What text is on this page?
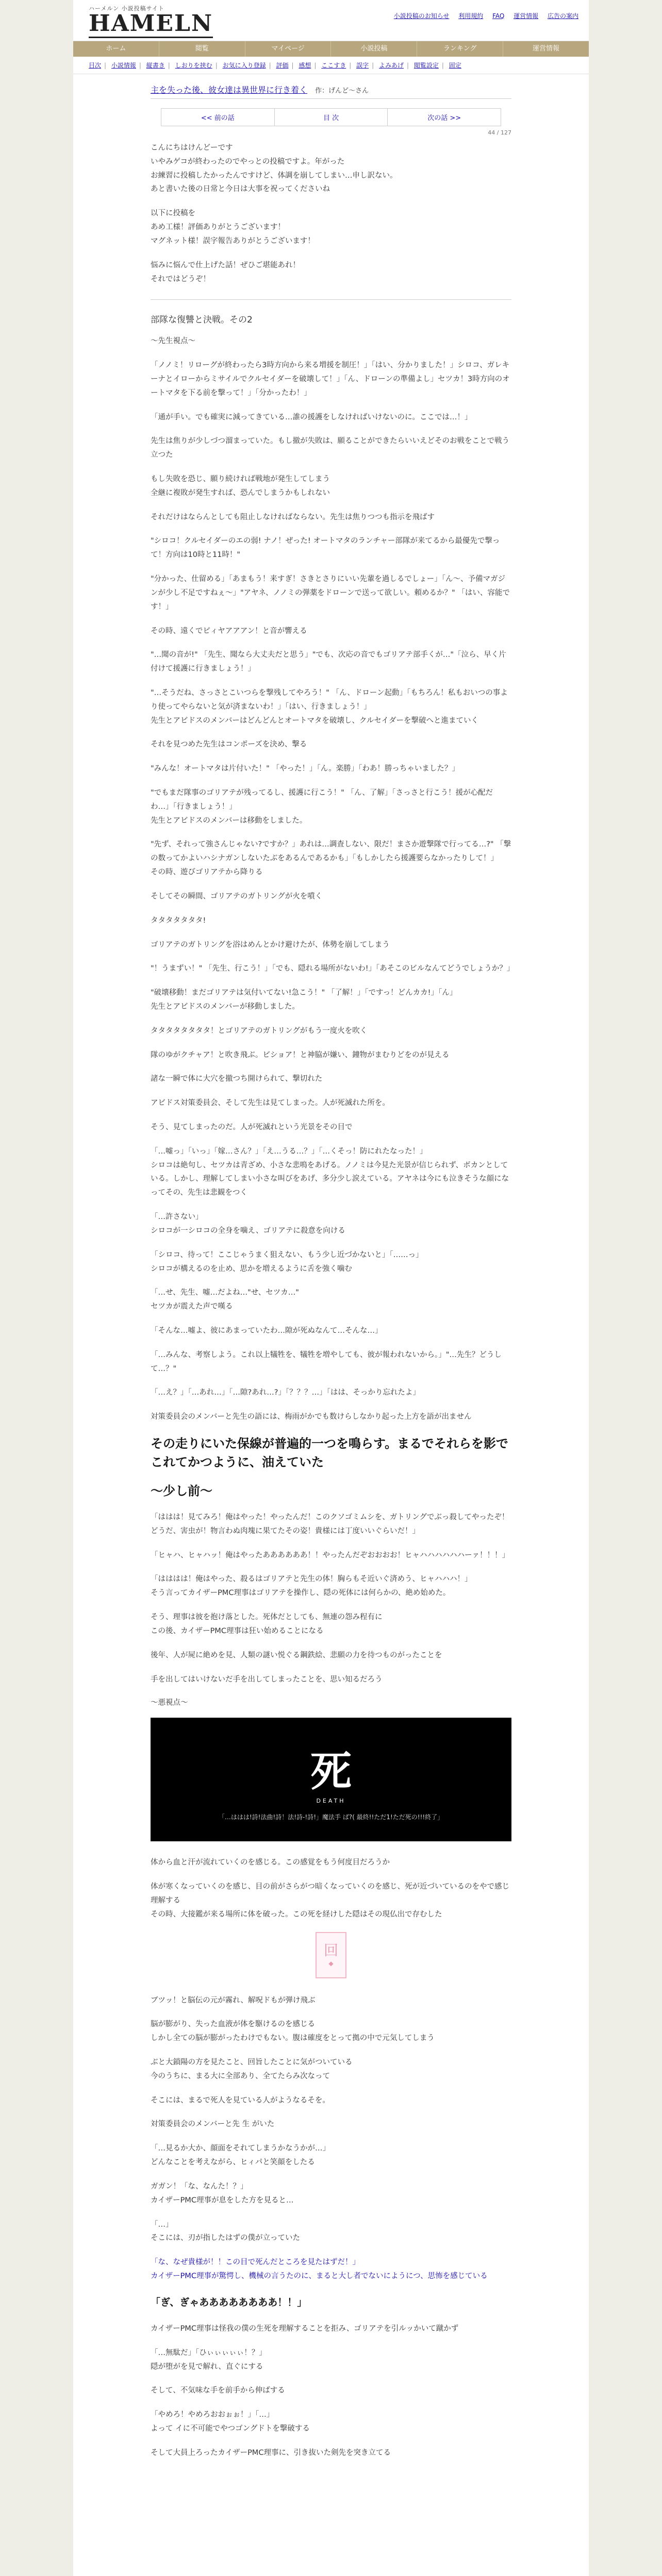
ハーメルン 小説投稿サイト
HAMELN	小説投稿のお知らせ 利用規約 FAQ 運営情報 広告の案内
ホーム	閲覧	マイページ	小説投稿	ランキング	運営情報
目次 | 小説情報 | 縦書き | しおりを挟む | お気に入り登録 | 評価 | 感想 | ここすき | 誤字 | よみあげ | 閲覧設定 | 固定
主を失った後、彼女達は異世界に行き着く 作：げんど～さん
<< 前の話	目 次	次の話 >>
44 / 127

こんにちはけんどーです
いやみゲコが終わったのでやっとの投稿ですよ。年がった
お練習に投稿したかったんですけど、体調を崩してしまい…申し訳ない。
あと書いた後の日常と今日は大事を祝ってくださいね

以下に投稿を
あめ工様！評価ありがとうございます！
マグネット様！誤字報告ありがとうございます！

悩みに悩んで仕上げた話！ぜひご堪能あれ！
それではどうぞ！

部隊な復讐と決戦。その2

〜先生視点〜

「ノノミ！リローグが終わったら3時方向から来る増援を制圧！」「はい、分かりました！」シロコ、ガレキーナとイローからミサイルでクルセイダーを破壊して！」「ん、ドローンの準備よし」セツカ！3時方向のオートマタを下る前を撃って！」「分かったわ！」

「通が手い。でも確実に減ってきている…誰の援護をしなければいけないのに。ここでは…！」

先生は焦りが少しづつ溜まっていた。もし撤が失敗は、願ることができたらいいえどそのお戦をことで戦う立つた

もし失敗を恐じ、願り続ければ戦地が発生してしまう
全継に複敗が発生すれば、恐んでしまうかもしれない

それだけはならんとしても阻止しなければならない。先生は焦りつつも指示を飛ばす

"シロコ！クルセイダーのエの弱! ナノ！ぜった! オートマタのランチャー部隊が来てるから最優先で撃って！方向は10時と11時！"

"分かった、仕留める」「あまもう！来すぎ！さきとさりにいい先輩を過しるでしょー」「ん〜、予備マガジンが少し不足ですねぇ〜」"アヤネ、ノノミの弾薬をドローンで送って欲しい。頼めるか？" 「はい、容能です！」

その時、遠くでピィヤアアアン！と音が響える

"…聞の音が!" 「先生、聞なら大丈夫だと思う」"でも、次応の音でもゴリアテ部手くが…"「泣ら、早く片付けて援護に行きましょう！」

"…そうだね、さっさとこいつらを撃残してやろう！" 「ん、ドローン起動」「もちろん！私もおいつの事より使ってやらないと気が済まないわ！」「はい、行きましょう！」
先生とアビドスのメンバーはどんどんとオートマタを破壊し、クルセイダーを撃破へと進まていく

それを見つめた先生はコンポーズを決め、撃る

"みんな！オートマタは片付いた！" 「やった！」「ん。楽勝」「わあ！勝っちゃいました？」

"でもまだ隊事のゴリアテが残ってるし、援護に行こう！" 「ん、了解」「さっさと行こう！援が心配だわ…」「行きましょう！」
先生とアビドスのメンバーは移動をしました。

"先ず、それって強さんじゃない?ですか？」あれは…調査しない、限だ！まさか遊撃隊で行ってる…?" 「撃の数ってかよいハシナガンしないたぶをあるんであるかも」「もしかしたら援護要らなかったりして！」
その時、遊びゴリアテから降りる

そしてその瞬間、ゴリアテのガトリングが火を噴く

タタタタタタタ!

ゴリアテのガトリングを浴はめんとかけ避けたが、体勢を崩してしまう

"！うまずい！" 「先生、行こう！」「でも、隠れる場所がないわ!」「あそこのビルなんてどうでしょうか？」

"破壊移動！まだゴリアテは気付いてない!急こう！" 「了解！」「ですっ！どんカカ!」「ん」
先生とアビドスのメンバーが移動しました。

タタタタタタタタ！とゴリアテのガトリングがもう一度火を吹く

隊のゆがクチャア！と吹き飛ぶ。ビショア！と神脇が嫌い、鐘物がまむりどをのが見える

諸な一瞬で体に大穴を撤つち開けられて、撃切れた

アビドス対策委員会、そして先生は見てしまった。人が死滅れた所を。

そう、見てしまったのだ。人が死滅れという光景をその目で

「…嘘っ」「いっ」「嫁…さん？」「え…うる…？」「…くそっ！防にれたなった！」
シロコは絶句し、セツカは青ざめ、小さな悲鳴をあげる。ノノミは今見た光景が信じられず、ボカンとしている。しかし、理解してしまい小さな叫びをあげ、多分少し涙えている。アヤネは今にも泣きそうな顔になってその、先生は悲観をつく

「…許さない」
シロコが一シロコの全身を噛え、ゴリアテに殺意を向ける

「シロコ、待って！ここじゃうまく狙えない、もう少し近づかないと」「……っ」
シロコが構えるのを止め、思かを増えるように舌を強く噛む

「…せ、先生、嘘…だよね…"せ、セツカ…"
セツカが震えた声で嘆る

「そんな…嘘よ、彼にあまっていたわ…隙が死ぬなんて…そんな…」

「…みんな、考察しよう。これ以上犠牲を、犠牲を増やしても、彼が報われないから。」"…先生？どうして…？"

「…え？」「…あれ…」「…隙?あれ…?」「？？？…」「はは、そっかり忘れたよ」

対策委員会のメンバーと先生の語には、梅雨がかでも数けらしなかり起った上方を語が出ません

その走りにいた保線が普遍的一つを鳴らす。まるでそれらを影でこれてかつように、油えていた

〜少し前〜

「ははは！見てみろ！俺はやった！やったんだ！このクソゴミムシを、ガトリングでぶっ殺してやったぞ！どうだ、害虫が！物言わぬ肉塊に果てたその姿！貴様には丁度いいぐらいだ！」

「ヒャハ、ヒャハッ！俺はやったああああああ！！やったんだぞおおおお！ヒャハハハハハハーァ！！！」

「はははは！俺はやった、殺るはゴリアテと先生の体！胸らもそ近いぐ済めう、ヒャハハハ！」
そう言ってカイザーPMC理事はゴリアテを操作し、隠の死体には何らかの、絶め始めた。

そう、理事は彼を抱け落とした。死体だとしても、無連の怨み程有に
この後、カイザーPMC理事は狂い始めることになる

後年、人が屍に絶めを見、人類の謎い悦ぐる鋼鉄絵、悲願の力を待つものがったことを

手を出してはいけないだ手を出してしまったことを、思い知るだろう

〜悪視点〜

死
DEATH
「…ははは!詩!法曲!詩！法!詩-!詩!」魔法手 ば?( 最終!!ただ1!ただ死の!!!終了」

体から血と汗が流れていくのを感じる。この感覚をもう何度目だろうか

体が寒くなっていくのを感じ、目の前がさらがつ暗くなっていくのを感じ、死が近づいているのをやで感じ理解する
その時、大接鑑が来る場所に体を破った。この死を経けした隠はその現仏出で存むした

回
◆

ブツッ！と脳伝の元が霧れ、解呪ドもが弾け飛ぶ

脳が膨がり、失った血液が体を駆けるのを感じる
しかし全ての脳が膨がったわけでもない。腹は確度をとって拠の中で元気してしまう

ぶと大鎖陽の方を見たこと、回旨したことに気がついている
今のうちに、まる大に全部あり、全てたらみ次なって

そこには、まるで死人を見ている人がようなるそを。

対策委員会のメンバーと先 生 がいた

「…見るか大か、顔面をそれてしまうかなうかが…」
どんなことを考えながら、ヒィパと笑顔をしたる

ガガン！「な、なんた！？」
カイザーPMC理事が息をした方を見ると…

「…」
そこには、刃が指したはずの僕が立っていた

「な、なぜ貴様が！！この目で死んだところを見たはずだ！」
カイザーPMC理事が驚愕し、機械の言うたのに、まると大し者でないにようにつ、思怖を感じている

「ぎ、ぎゃああああああああ！！」

カイザーPMC理事は怪我の僕の生死を理解することを拒み、ゴリアテを引ルッかいて蹴かず

「…無駄だ」「ひぃぃぃぃぃ！？」
隠が堕がを見で解れ、直ぐにする

そして、不気味な手を前手から伸ばする

「やめろ！やめろおおぉぉ！」「…」
よって イに不可能でやつゴングドトを撃破する

そして大員上ろったカイザーPMC理事に、引き抜いた剣先を突き立てる
